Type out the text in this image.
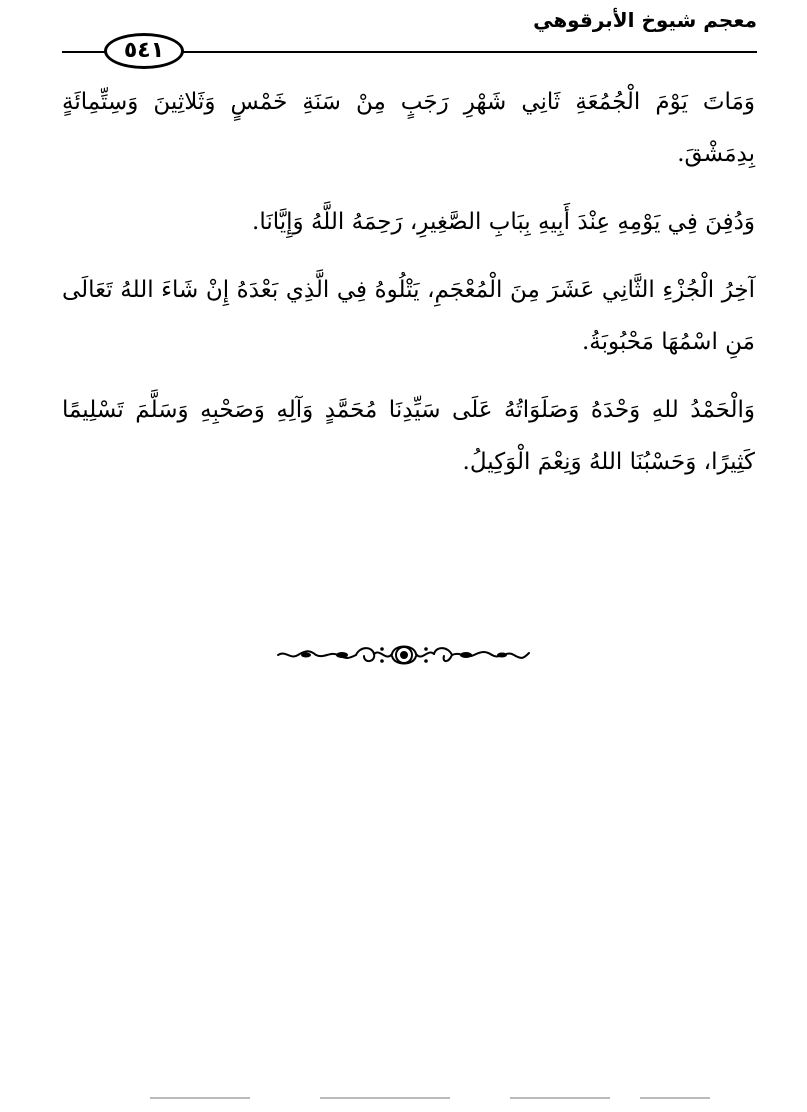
معجم شيوخ الأبرقوهي
٥٤١

وَمَاتَ يَوْمَ الْجُمُعَةِ ثَانِي شَهْرِ رَجَبٍ مِنْ سَنَةِ خَمْسٍ وَثَلاثِينَ وَسِتِّمِائَةٍ بِدِمَشْقَ.

وَدُفِنَ فِي يَوْمِهِ عِنْدَ أَبِيهِ بِبَابِ الصَّغِيرِ، رَحِمَهُ اللَّهُ وَإِيَّانَا.

آخِرُ الْجُزْءِ الثَّانِي عَشَرَ مِنَ الْمُعْجَمِ، يَتْلُوهُ فِي الَّذِي بَعْدَهُ إِنْ شَاءَ اللهُ تَعَالَى مَنِ اسْمُهَا مَحْبُوبَةُ.

وَالْحَمْدُ للهِ وَحْدَهُ وَصَلَوَاتُهُ عَلَى سَيِّدِنَا مُحَمَّدٍ وَآلِهِ وَصَحْبِهِ وَسَلَّمَ تَسْلِيمًا كَثِيرًا، وَحَسْبُنَا اللهُ وَنِعْمَ الْوَكِيلُ.
